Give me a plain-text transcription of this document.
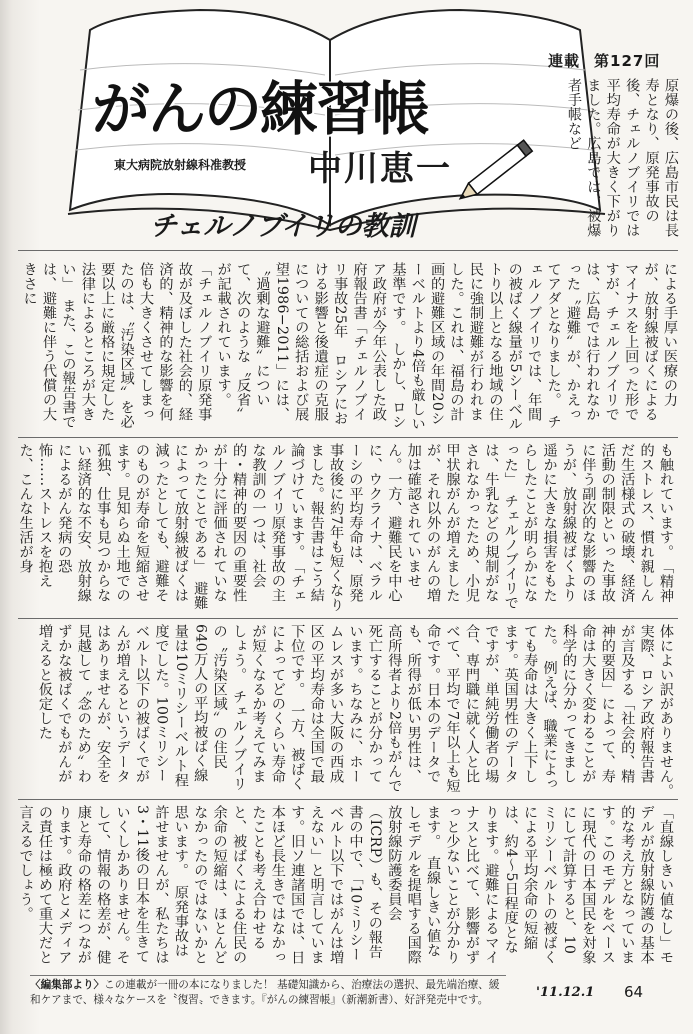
連載 第127回
がんの練習帳
東大病院放射線科准教授 中川恵一
チェルノブイリの教訓	原爆の後、広島市民は長寿となり、原発事故の後、チェルノブイリでは平均寿命が大きく下がりました。広島では、被爆者手帳など
による手厚い医療の力が、放射線被ばくによるマイナスを上回った形ですが、チェルノブイリでは、広島では行われなかった〝避難〟が、かえってアダとなりました。　チェルノブイリでは、年間の被ばく線量が5シーベルトり以上となる地域の住民に強制避難が行われました。これは、福島の計画的避難区域の年間20シーベルトより4倍も厳しい基準です。　しかし、ロシア政府が今年公表した政府報告書「チェルノブイリ事故25年　ロシアにおける影響と後遺症の克服についての総括および展望1986−2011」には、〝過剰な避難〟について、次のような〝反省〟が記載されています。　「チェルノブイリ原発事故が及ぼした社会的、経済的、精神的な影響を何倍も大きくさせてしまったのは、〝汚染区域〟を必要以上に厳格に規定した法律によるところが大きい」　また、この報告書では、避難に伴う代償の大きさに
も触れています。　「精神的ストレス、慣れ親しんだ生活様式の破壊、経済活動の制限といった事故に伴う副次的な影響のほうが、放射線被ばくより遥かに大きな損害をもたらしたことが明らかになった」　チェルノブイリでは、牛乳などの規制がなされなかったため、小児甲状腺がんが増えましたが、それ以外のがんの増加は確認されていません。一方、避難民を中心に、ウクライナ、ベラルーシの平均寿命は、原発事故後に約7年も短くなりました。報告書はこう結論づけています。　「チェルノブイリ原発事故の主な教訓の一つは、社会的・精神的要因の重要性が十分に評価されていなかったことである」　避難によって放射線被ばくは減ったとしても、避難そのものが寿命を短縮させます。見知らぬ土地での孤独、仕事も見つからない経済的な不安、放射線によるがん発病の恐怖……ストレスを抱えた、こんな生活が身
体によい訳がありません。　実際、ロシア政府報告書が言及する「社会的、精神的要因」によって、寿命は大きく変わることが科学的に分かってきました。　例えば、職業によっても寿命は大きく上下します。英国男性のデータですが、単純労働者の場合、専門職に就く人と比べて、平均で7年以上も短命です。日本のデータでも、所得が低い男性は、高所得者より2倍もがんで死亡することが分かっています。ちなみに、ホームレスが多い大阪の西成区の平均寿命は全国で最下位です。　一方、被ばくによってどのくらい寿命が短くなるか考えてみましょう。　チェルノブイリの〝汚染区域〟の住民640万人の平均被ばく線量は10ミリシーベルト程度でした。100ミリシーベルト以下の被ばくでがんが増えるというデータはありませんが、安全を見越して〝念のため〟わずかな被ばくでもがんが増えると仮定した
「直線しきい値なし」モデルが放射線防護の基本的な考え方となっています。このモデルをベースに現代の日本国民を対象にして計算すると、10ミリシーベルトの被ばくによる平均余命の短縮は、約4〜5日程度となります。避難によるマイナスと比べて、影響がずっと少ないことが分かります。　直線しきい値なしモデルを提唱する国際放射線防護委員会（ICRP）も、その報告書の中で、「10ミリシーベルト以下ではがんは増えない」と明言しています。旧ソ連諸国では、日本ほど長生きではなかったことも考え合わせると、被ばくによる住民の余命の短縮は、ほとんどなかったのではないかと思います。　原発事故は許せませんが、私たちは3・11後の日本を生きていくしかありません。そして、情報の格差が、健康と寿命の格差につながります。政府とメディアの責任は極めて重大だと言えるでしょう。
〈編集部より〉この連載が一冊の本になりました！ 基礎知識から、治療法の選択、最先端治療、緩和ケアまで、様々なケースを〝復習〟できます。『がんの練習帳』（新潮新書）、好評発売中です。	'11.12.1 64
